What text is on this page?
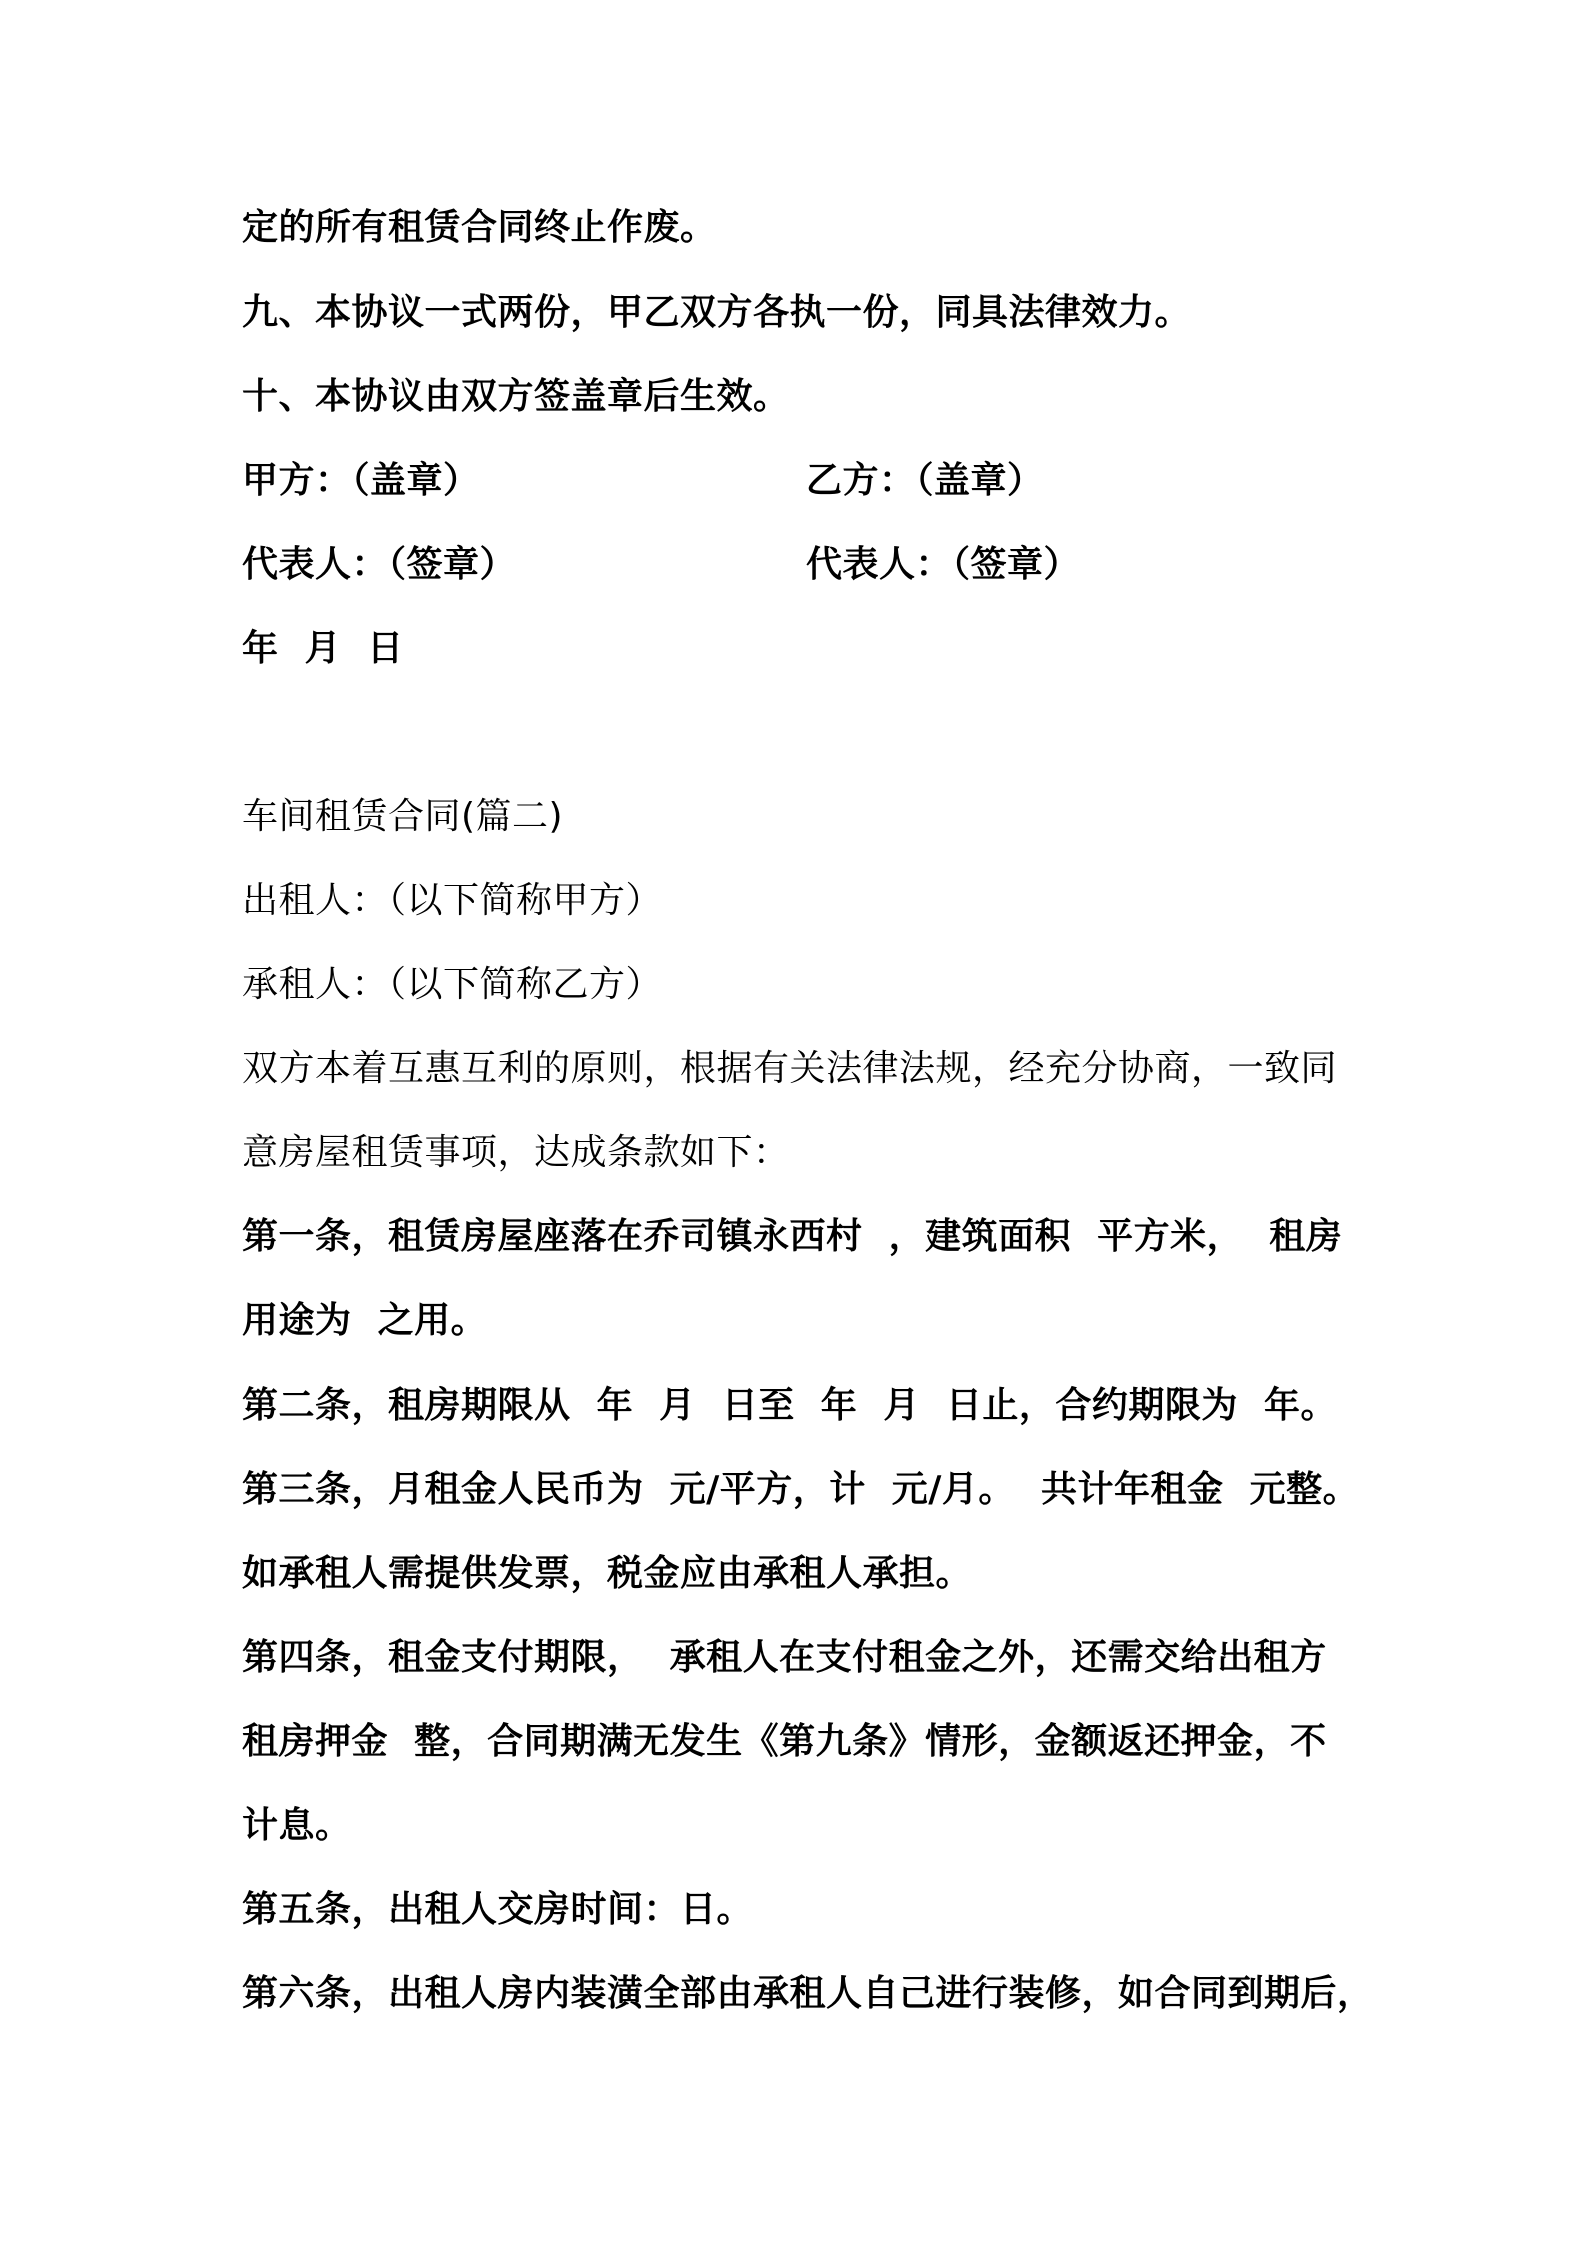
定的所有租赁合同终止作废。
九、本协议一式两份，甲乙双方各执一份，同具法律效力。
十、本协议由双方签盖章后生效。
甲方：（盖章）	乙方：（盖章）
代表人：（签章）	代表人：（签章）
年  月  日
车间租赁合同(篇二)
出租人：（以下简称甲方）
承租人：（以下简称乙方）
双方本着互惠互利的原则，根据有关法律法规，经充分协商，一致同
意房屋租赁事项，达成条款如下：
第一条，租赁房屋座落在乔司镇永西村  ，建筑面积  平方米，  租房
用途为  之用。
第二条，租房期限从  年  月  日至  年  月  日止，合约期限为  年。
第三条，月租金人民币为  元/平方，计  元/月。  共计年租金  元整。
如承租人需提供发票，税金应由承租人承担。
第四条，租金支付期限，  承租人在支付租金之外，还需交给出租方
租房押金  整，合同期满无发生《第九条》情形，金额返还押金，不
计息。
第五条，出租人交房时间：日。
第六条，出租人房内装潢全部由承租人自己进行装修，如合同到期后，
